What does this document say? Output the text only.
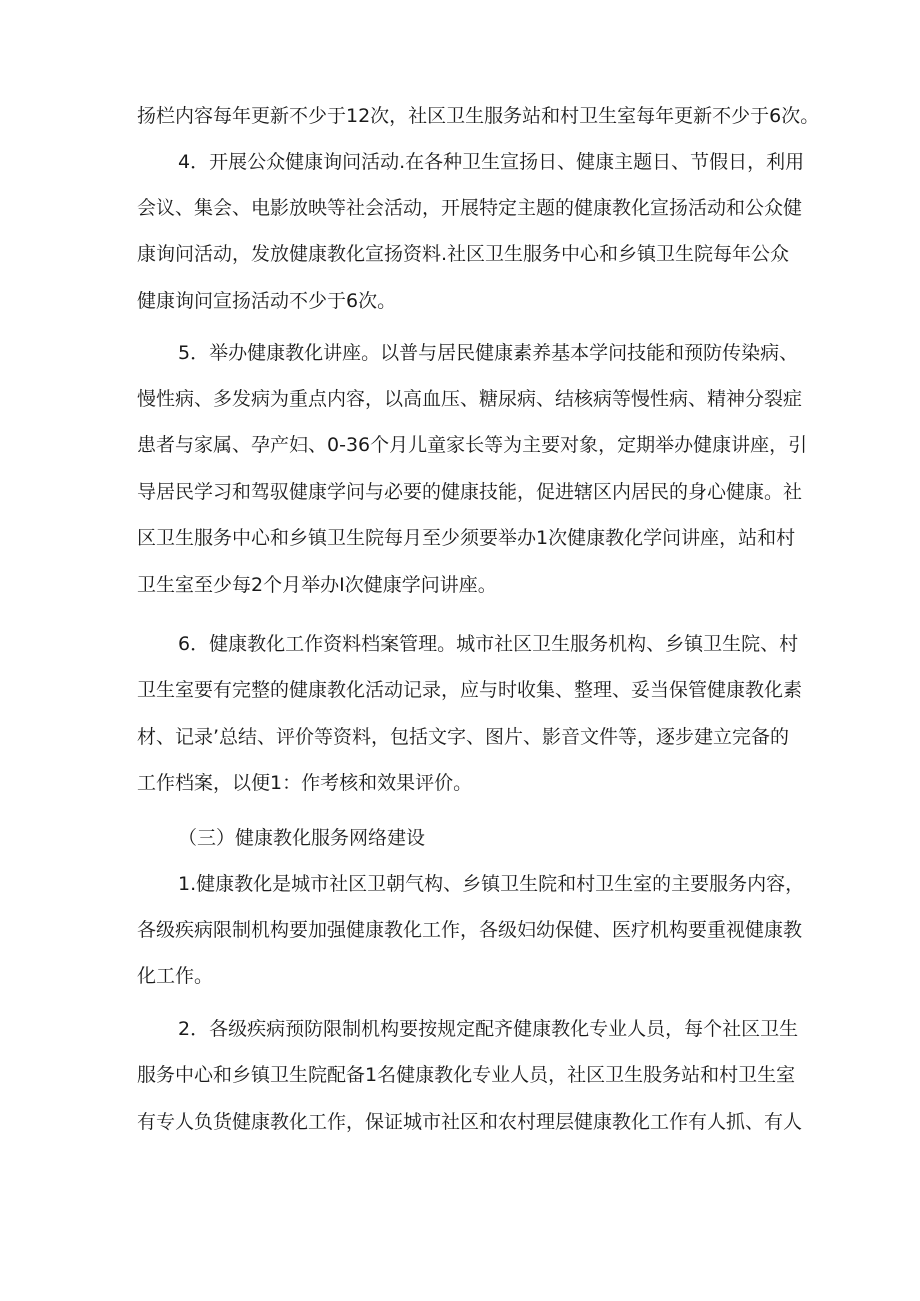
扬栏内容每年更新不少于12次，社区卫生服务站和村卫生室每年更新不少于6次。

4．开展公众健康询问活动.在各种卫生宣扬日、健康主题日、节假日，利用

会议、集会、电影放映等社会活动，开展特定主题的健康教化宣扬活动和公众健

康询问活动，发放健康教化宣扬资料.社区卫生服务中心和乡镇卫生院每年公众

健康询问宣扬活动不少于6次。

5．举办健康教化讲座。以普与居民健康素养基本学问技能和预防传染病、

慢性病、多发病为重点内容，以高血压、糖尿病、结核病等慢性病、精神分裂症

患者与家属、孕产妇、0-36个月儿童家长等为主要对象，定期举办健康讲座，引

导居民学习和驾驭健康学问与必要的健康技能，促进辖区内居民的身心健康。社

区卫生服务中心和乡镇卫生院每月至少须要举办1次健康教化学问讲座，站和村

卫生室至少每2个月举办I次健康学问讲座。

6．健康教化工作资料档案管理。城市社区卫生服务机构、乡镇卫生院、村

卫生室要有完整的健康教化活动记录，应与时收集、整理、妥当保管健康教化素

材、记录’总结、评价等资料，包括文字、图片、影音文件等，逐步建立完备的

工作档案，以便1：作考核和效果评价。

（三）健康教化服务网络建设

1.健康教化是城市社区卫朝气构、乡镇卫生院和村卫生室的主要服务内容，

各级疾病限制机构要加强健康教化工作，各级妇幼保健、医疗机构要重视健康教

化工作。

2．各级疾病预防限制机构要按规定配齐健康教化专业人员，每个社区卫生

服务中心和乡镇卫生院配备1名健康教化专业人员，社区卫生股务站和村卫生室

有专人负货健康教化工作，保证城市社区和农村理层健康教化工作有人抓、有人
